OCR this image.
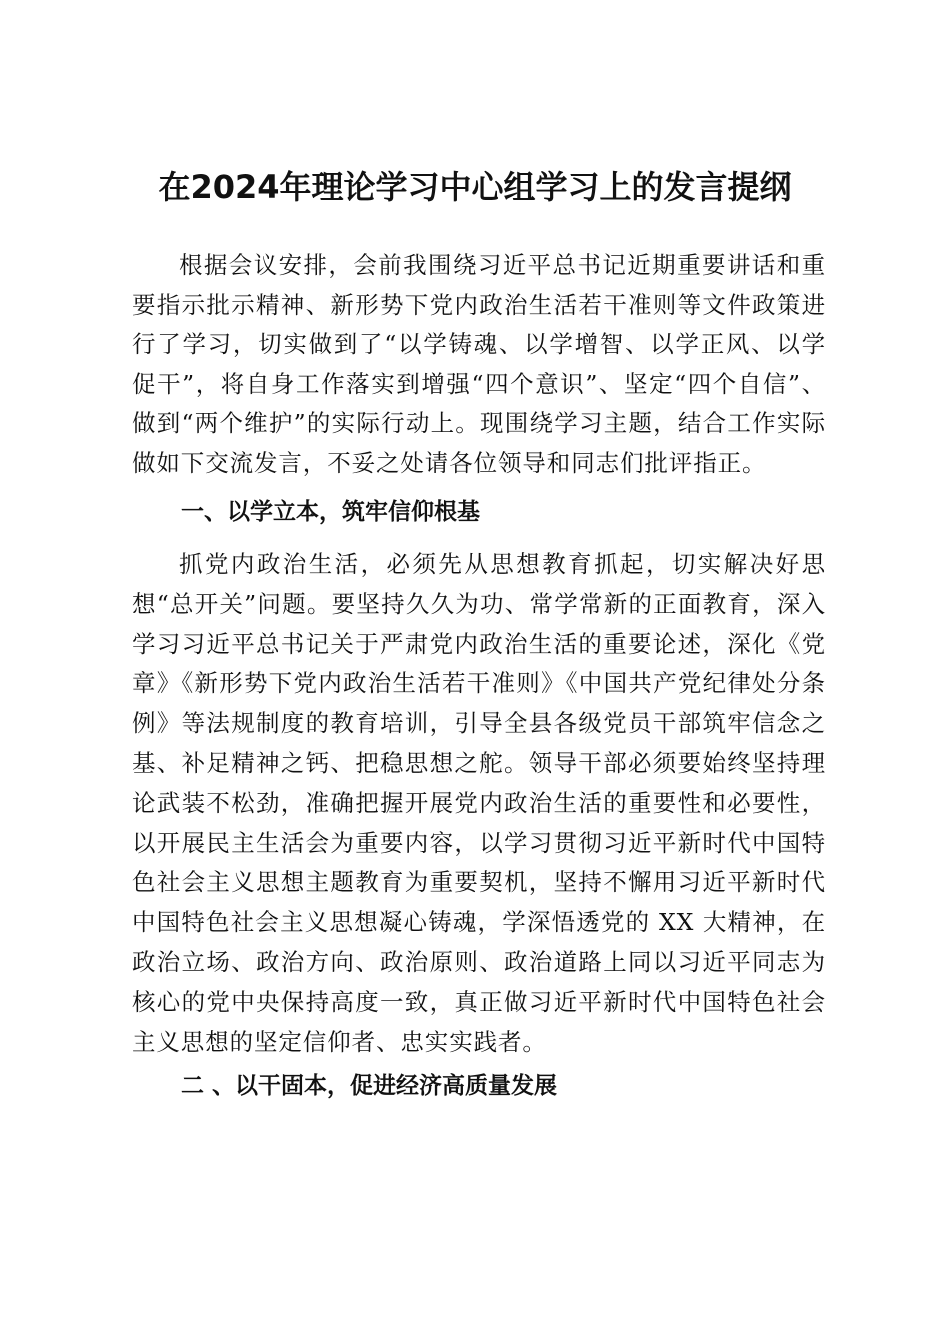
在2024年理论学习中心组学习上的发言提纲

根据会议安排，会前我围绕习近平总书记近期重要讲话和重要指示批示精神、新形势下党内政治生活若干准则等文件政策进行了学习，切实做到了“以学铸魂、以学增智、以学正风、以学促干”，将自身工作落实到增强“四个意识”、坚定“四个自信”、做到“两个维护”的实际行动上。现围绕学习主题，结合工作实际做如下交流发言，不妥之处请各位领导和同志们批评指正。

一、以学立本，筑牢信仰根基

抓党内政治生活，必须先从思想教育抓起，切实解决好思想“总开关”问题。要坚持久久为功、常学常新的正面教育，深入学习习近平总书记关于严肃党内政治生活的重要论述，深化《党章》《新形势下党内政治生活若干准则》《中国共产党纪律处分条例》等法规制度的教育培训，引导全县各级党员干部筑牢信念之基、补足精神之钙、把稳思想之舵。领导干部必须要始终坚持理论武装不松劲，准确把握开展党内政治生活的重要性和必要性，以开展民主生活会为重要内容，以学习贯彻习近平新时代中国特色社会主义思想主题教育为重要契机，坚持不懈用习近平新时代中国特色社会主义思想凝心铸魂，学深悟透党的 XX 大精神，在政治立场、政治方向、政治原则、政治道路上同以习近平同志为核心的党中央保持高度一致，真正做习近平新时代中国特色社会主义思想的坚定信仰者、忠实实践者。

二 、以干固本，促进经济高质量发展
